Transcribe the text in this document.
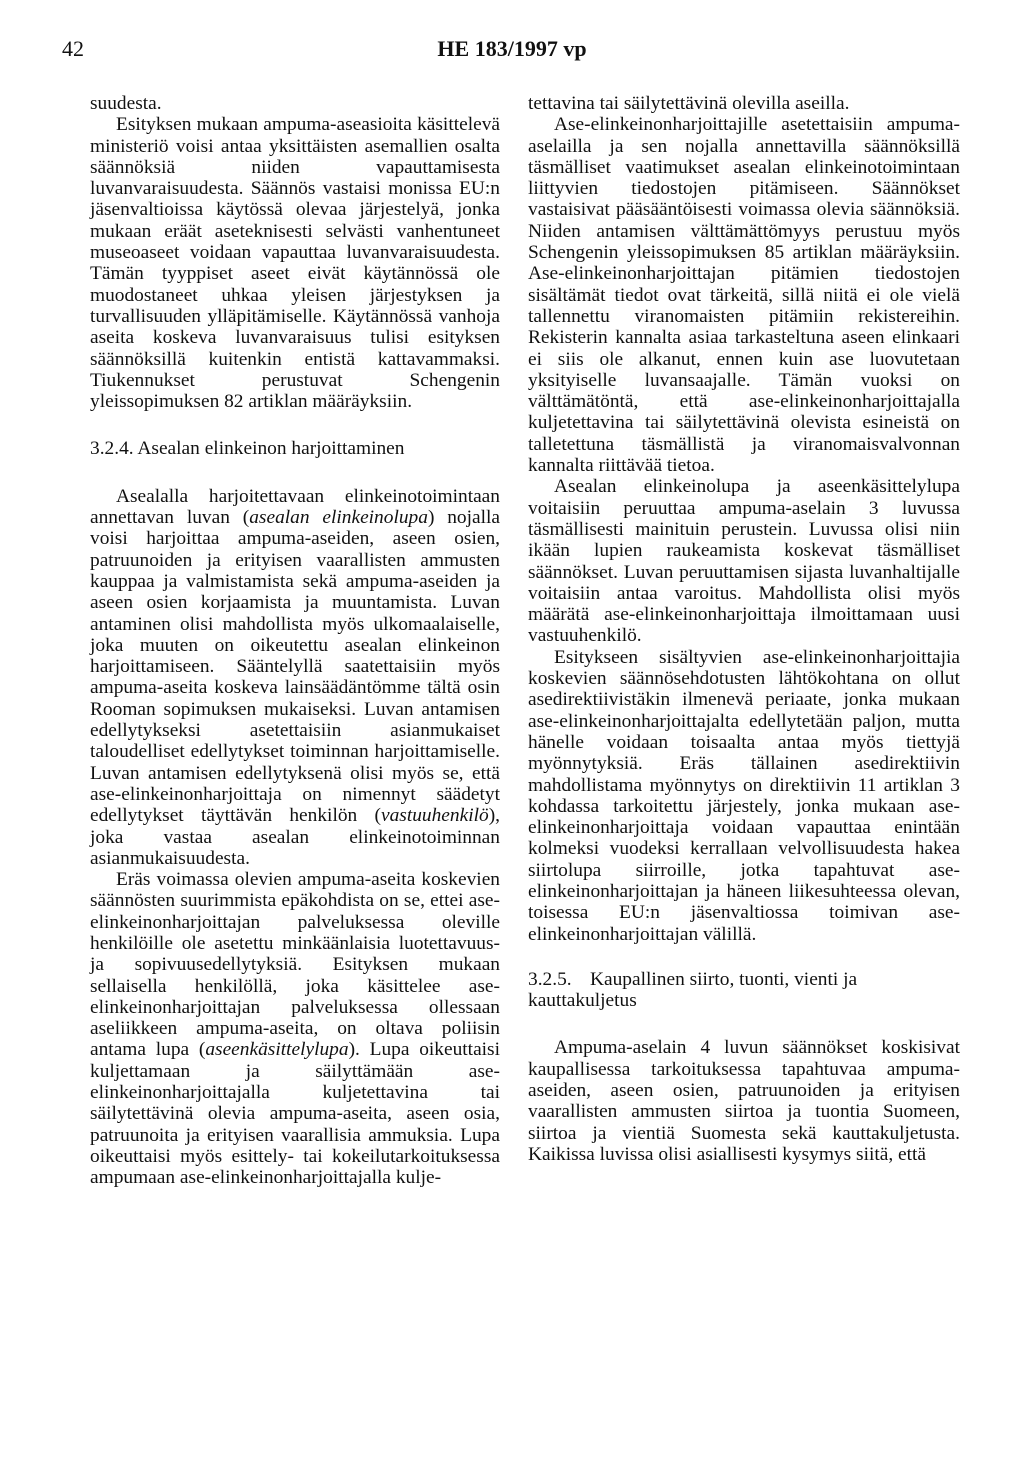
42	HE 183/1997 vp

suudesta.

Esityksen mukaan ampuma-aseasioita käsittelevä ministeriö voisi antaa yksittäisten asemallien osalta säännöksiä niiden vapauttamisesta luvanvaraisuudesta. Säännös vastaisi monissa EU:n jäsenvaltioissa käytössä olevaa järjestelyä, jonka mukaan eräät aseteknisesti selvästi vanhentuneet museoaseet voidaan vapauttaa luvanvaraisuudesta. Tämän tyyppiset aseet eivät käytännössä ole muodostaneet uhkaa yleisen järjestyksen ja turvallisuuden ylläpitämiselle. Käytännössä vanhoja aseita koskeva luvanvaraisuus tulisi esityksen säännöksillä kuitenkin entistä kattavammaksi. Tiukennukset perustuvat Schengenin yleissopimuksen 82 artiklan määräyksiin.

3.2.4. Asealan elinkeinon harjoittaminen

Asealalla harjoitettavaan elinkeinotoimintaan annettavan luvan (asealan elinkeinolupa) nojalla voisi harjoittaa ampuma-aseiden, aseen osien, patruunoiden ja erityisen vaarallisten ammusten kauppaa ja valmistamista sekä ampuma-aseiden ja aseen osien korjaamista ja muuntamista. Luvan antaminen olisi mahdollista myös ulkomaalaiselle, joka muuten on oikeutettu asealan elinkeinon harjoittamiseen. Sääntelyllä saatettaisiin myös ampuma-aseita koskeva lainsäädäntömme tältä osin Rooman sopimuksen mukaiseksi. Luvan antamisen edellytykseksi asetettaisiin asianmukaiset taloudelliset edellytykset toiminnan harjoittamiselle. Luvan antamisen edellytyksenä olisi myös se, että ase-elinkeinonharjoittaja on nimennyt säädetyt edellytykset täyttävän henkilön (vastuuhenkilö), joka vastaa asealan elinkeinotoiminnan asianmukaisuudesta.

Eräs voimassa olevien ampuma-aseita koskevien säännösten suurimmista epäkohdista on se, ettei ase-elinkeinonharjoittajan palveluksessa oleville henkilöille ole asetettu minkäänlaisia luotettavuus- ja sopivuusedellytyksiä. Esityksen mukaan sellaisella henkilöllä, joka käsittelee ase-elinkeinonharjoittajan palveluksessa ollessaan aseliikkeen ampuma-aseita, on oltava poliisin antama lupa (aseenkäsittelylupa). Lupa oikeuttaisi kuljettamaan ja säilyttämään ase-elinkeinonharjoittajalla kuljetettavina tai säilytettävinä olevia ampuma-aseita, aseen osia, patruunoita ja erityisen vaarallisia ammuksia. Lupa oikeuttaisi myös esittely- tai kokeilutarkoituksessa ampumaan ase-elinkeinonharjoittajalla kulje-

tettavina tai säilytettävinä olevilla aseilla.

Ase-elinkeinonharjoittajille asetettaisiin ampuma-aselailla ja sen nojalla annettavilla säännöksillä täsmälliset vaatimukset asealan elinkeinotoimintaan liittyvien tiedostojen pitämiseen. Säännökset vastaisivat pääsääntöisesti voimassa olevia säännöksiä. Niiden antamisen välttämättömyys perustuu myös Schengenin yleissopimuksen 85 artiklan määräyksiin. Ase-elinkeinonharjoittajan pitämien tiedostojen sisältämät tiedot ovat tärkeitä, sillä niitä ei ole vielä tallennettu viranomaisten pitämiin rekistereihin. Rekisterin kannalta asiaa tarkasteltuna aseen elinkaari ei siis ole alkanut, ennen kuin ase luovutetaan yksityiselle luvansaajalle. Tämän vuoksi on välttämätöntä, että ase-elinkeinonharjoittajalla kuljetettavina tai säilytettävinä olevista esineistä on talletettuna täsmällistä ja viranomaisvalvonnan kannalta riittävää tietoa.

Asealan elinkeinolupa ja aseenkäsittelylupa voitaisiin peruuttaa ampuma-aselain 3 luvussa täsmällisesti mainituin perustein. Luvussa olisi niin ikään lupien raukeamista koskevat täsmälliset säännökset. Luvan peruuttamisen sijasta luvanhaltijalle voitaisiin antaa varoitus. Mahdollista olisi myös määrätä ase-elinkeinonharjoittaja ilmoittamaan uusi vastuuhenkilö.

Esitykseen sisältyvien ase-elinkeinonharjoittajia koskevien säännösehdotusten lähtökohtana on ollut asedirektiivistäkin ilmenevä periaate, jonka mukaan ase-elinkeinonharjoittajalta edellytetään paljon, mutta hänelle voidaan toisaalta antaa myös tiettyjä myönnytyksiä. Eräs tällainen asedirektiivin mahdollistama myönnytys on direktiivin 11 artiklan 3 kohdassa tarkoitettu järjestely, jonka mukaan ase-elinkeinonharjoittaja voidaan vapauttaa enintään kolmeksi vuodeksi kerrallaan velvollisuudesta hakea siirtolupa siirroille, jotka tapahtuvat ase-elinkeinonharjoittajan ja häneen liikesuhteessa olevan, toisessa EU:n jäsenvaltiossa toimivan ase-elinkeinonharjoittajan välillä.

3.2.5. Kaupallinen siirto, tuonti, vienti ja kauttakuljetus

Ampuma-aselain 4 luvun säännökset koskisivat kaupallisessa tarkoituksessa tapahtuvaa ampuma-aseiden, aseen osien, patruunoiden ja erityisen vaarallisten ammusten siirtoa ja tuontia Suomeen, siirtoa ja vientiä Suomesta sekä kauttakuljetusta. Kaikissa luvissa olisi asiallisesti kysymys siitä, että
